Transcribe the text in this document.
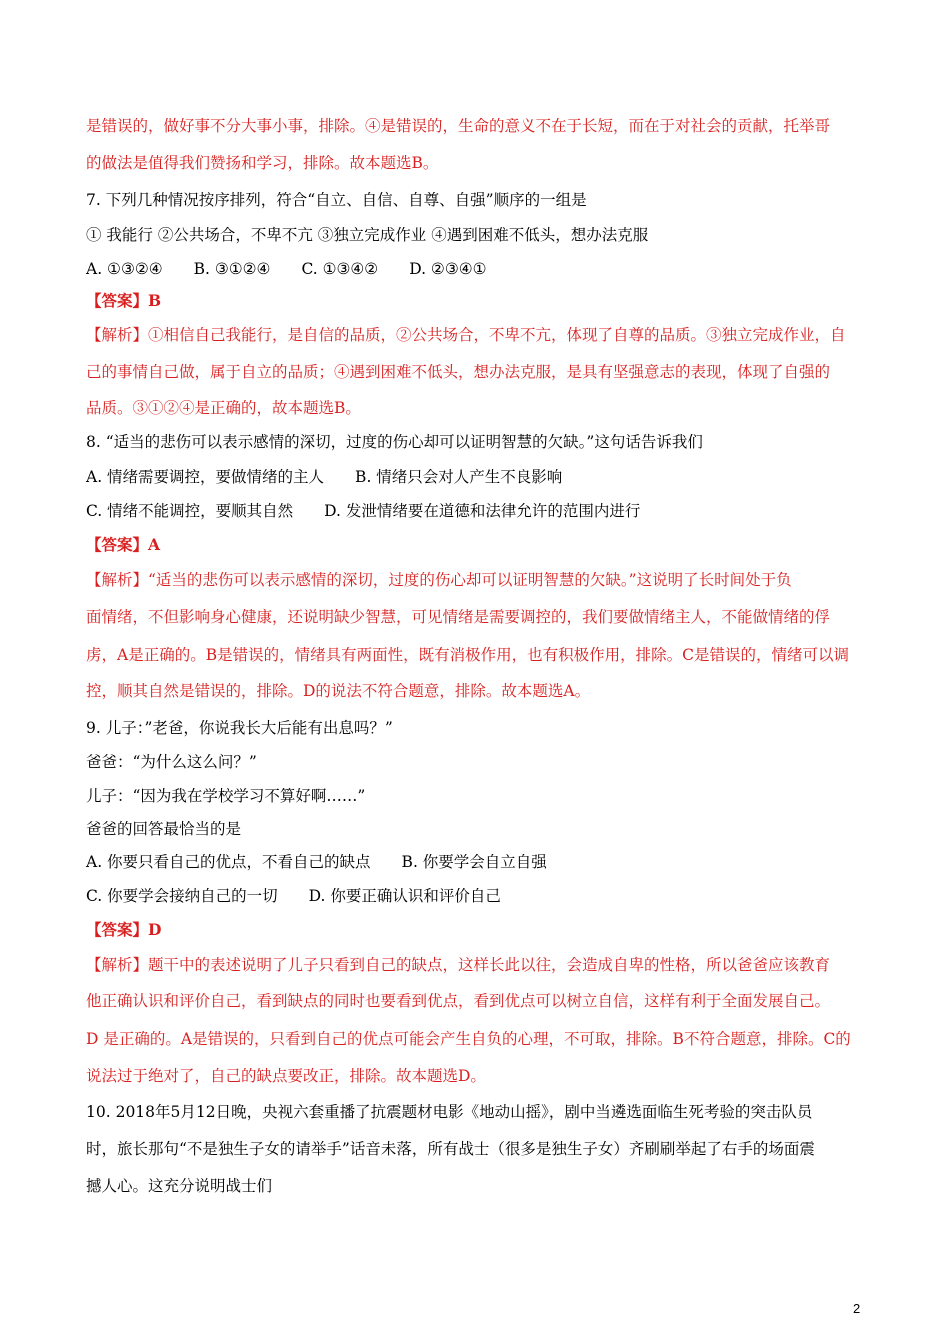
是错误的，做好事不分大事小事，排除。④是错误的，生命的意义不在于长短，而在于对社会的贡献，托举哥
的做法是值得我们赞扬和学习，排除。故本题选B。
7. 下列几种情况按序排列，符合“自立、自信、自尊、自强”顺序的一组是
① 我能行 ②公共场合，不卑不亢 ③独立完成作业 ④遇到困难不低头，想办法克服
A. ①③②④　　B. ③①②④　　C. ①③④②　　D. ②③④①
【答案】B
【解析】①相信自己我能行，是自信的品质，②公共场合，不卑不亢，体现了自尊的品质。③独立完成作业，自
己的事情自己做，属于自立的品质；④遇到困难不低头，想办法克服，是具有坚强意志的表现，体现了自强的
品质。③①②④是正确的，故本题选B。
8. “适当的悲伤可以表示感情的深切，过度的伤心却可以证明智慧的欠缺。”这句话告诉我们
A. 情绪需要调控，要做情绪的主人　　B. 情绪只会对人产生不良影响
C. 情绪不能调控，要顺其自然　　D. 发泄情绪要在道德和法律允许的范围内进行
【答案】A
【解析】“适当的悲伤可以表示感情的深切，过度的伤心却可以证明智慧的欠缺。”这说明了长时间处于负
面情绪，不但影响身心健康，还说明缺少智慧，可见情绪是需要调控的，我们要做情绪主人，不能做情绪的俘
虏，A是正确的。B是错误的，情绪具有两面性，既有消极作用，也有积极作用，排除。C是错误的，情绪可以调
控，顺其自然是错误的，排除。D的说法不符合题意，排除。故本题选A。
9. 儿子：”老爸，你说我长大后能有出息吗？”
爸爸：“为什么这么问？”
儿子：“因为我在学校学习不算好啊……”
爸爸的回答最恰当的是
A. 你要只看自己的优点，不看自己的缺点　　B. 你要学会自立自强
C. 你要学会接纳自己的一切　　D. 你要正确认识和评价自己
【答案】D
【解析】题干中的表述说明了儿子只看到自己的缺点，这样长此以往，会造成自卑的性格，所以爸爸应该教育
他正确认识和评价自己，看到缺点的同时也要看到优点，看到优点可以树立自信，这样有利于全面发展自己。
D 是正确的。A是错误的，只看到自己的优点可能会产生自负的心理，不可取，排除。B不符合题意，排除。C的
说法过于绝对了，自己的缺点要改正，排除。故本题选D。
10. 2018年5月12日晚，央视六套重播了抗震题材电影《地动山摇》，剧中当遴选面临生死考验的突击队员
时，旅长那句“不是独生子女的请举手”话音未落，所有战士（很多是独生子女）齐刷刷举起了右手的场面震
撼人心。这充分说明战士们
2
